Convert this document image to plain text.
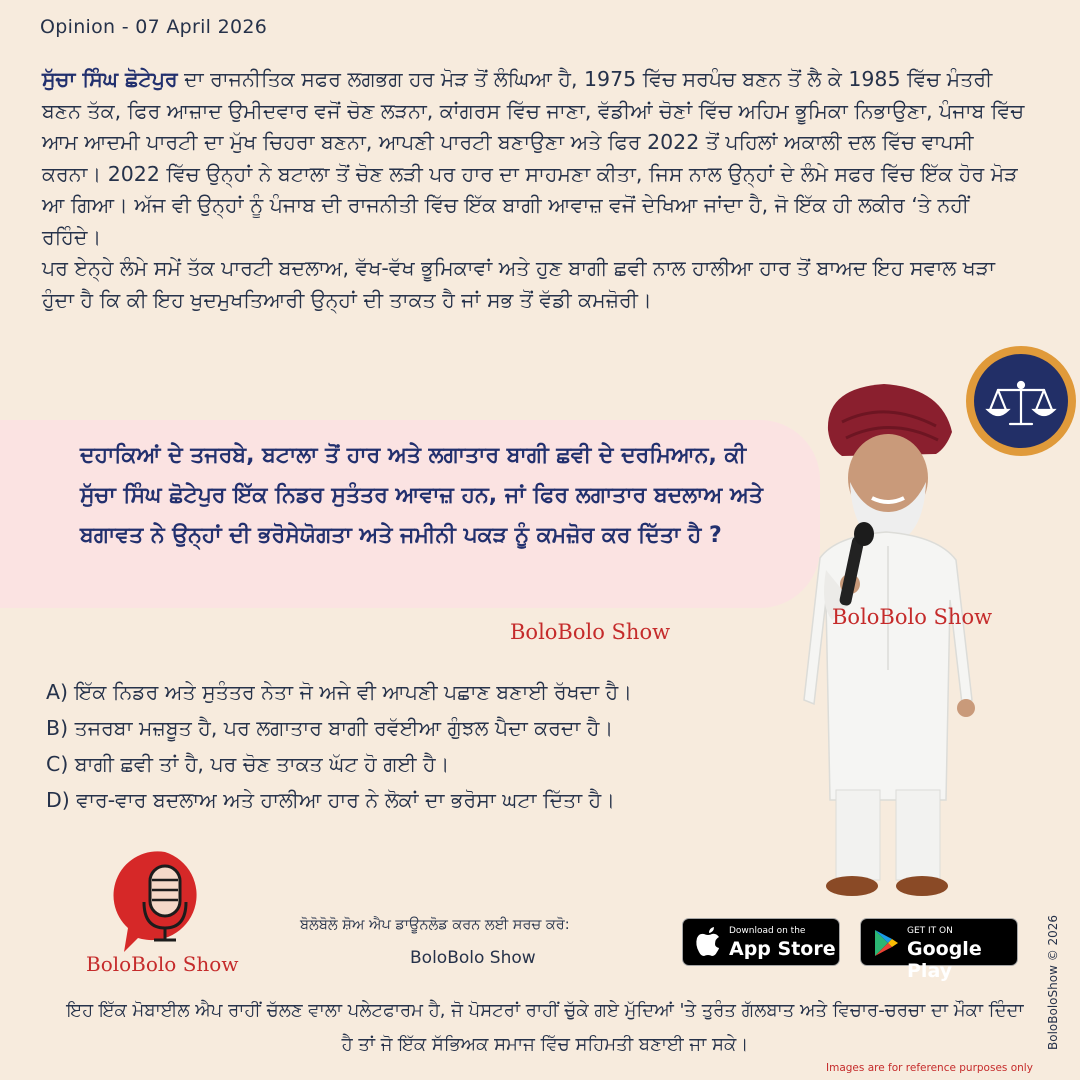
Opinion - 07 April 2026

ਸੁੱਚਾ ਸਿੰਘ ਛੋਟੇਪੁਰ ਦਾ ਰਾਜਨੀਤਿਕ ਸਫਰ ਲਗਭਗ ਹਰ ਮੋੜ ਤੋਂ ਲੰਘਿਆ ਹੈ, 1975 ਵਿੱਚ ਸਰਪੰਚ ਬਣਨ ਤੋਂ ਲੈ ਕੇ 1985 ਵਿੱਚ ਮੰਤਰੀ ਬਣਨ ਤੱਕ, ਫਿਰ ਆਜ਼ਾਦ ਉਮੀਦਵਾਰ ਵਜੋਂ ਚੋਣ ਲੜਨਾ, ਕਾਂਗਰਸ ਵਿੱਚ ਜਾਣਾ, ਵੱਡੀਆਂ ਚੋਣਾਂ ਵਿੱਚ ਅਹਿਮ ਭੂਮਿਕਾ ਨਿਭਾਉਣਾ, ਪੰਜਾਬ ਵਿੱਚ ਆਮ ਆਦਮੀ ਪਾਰਟੀ ਦਾ ਮੁੱਖ ਚਿਹਰਾ ਬਣਨਾ, ਆਪਣੀ ਪਾਰਟੀ ਬਣਾਉਣਾ ਅਤੇ ਫਿਰ 2022 ਤੋਂ ਪਹਿਲਾਂ ਅਕਾਲੀ ਦਲ ਵਿੱਚ ਵਾਪਸੀ ਕਰਨਾ। 2022 ਵਿੱਚ ਉਨ੍ਹਾਂ ਨੇ ਬਟਾਲਾ ਤੋਂ ਚੋਣ ਲੜੀ ਪਰ ਹਾਰ ਦਾ ਸਾਹਮਣਾ ਕੀਤਾ, ਜਿਸ ਨਾਲ ਉਨ੍ਹਾਂ ਦੇ ਲੰਮੇ ਸਫਰ ਵਿੱਚ ਇੱਕ ਹੋਰ ਮੋੜ ਆ ਗਿਆ। ਅੱਜ ਵੀ ਉਨ੍ਹਾਂ ਨੂੰ ਪੰਜਾਬ ਦੀ ਰਾਜਨੀਤੀ ਵਿੱਚ ਇੱਕ ਬਾਗੀ ਆਵਾਜ਼ ਵਜੋਂ ਦੇਖਿਆ ਜਾਂਦਾ ਹੈ, ਜੋ ਇੱਕ ਹੀ ਲਕੀਰ ‘ਤੇ ਨਹੀਂ ਰਹਿੰਦੇ।

ਪਰ ਏਨ੍ਹੇ ਲੰਮੇ ਸਮੇਂ ਤੱਕ ਪਾਰਟੀ ਬਦਲਾਅ, ਵੱਖ-ਵੱਖ ਭੂਮਿਕਾਵਾਂ ਅਤੇ ਹੁਣ ਬਾਗੀ ਛਵੀ ਨਾਲ ਹਾਲੀਆ ਹਾਰ ਤੋਂ ਬਾਅਦ ਇਹ ਸਵਾਲ ਖੜਾ ਹੁੰਦਾ ਹੈ ਕਿ ਕੀ ਇਹ ਖੁਦਮੁਖਤਿਆਰੀ ਉਨ੍ਹਾਂ ਦੀ ਤਾਕਤ ਹੈ ਜਾਂ ਸਭ ਤੋਂ ਵੱਡੀ ਕਮਜ਼ੋਰੀ।

ਦਹਾਕਿਆਂ ਦੇ ਤਜਰਬੇ, ਬਟਾਲਾ ਤੋਂ ਹਾਰ ਅਤੇ ਲਗਾਤਾਰ ਬਾਗੀ ਛਵੀ ਦੇ ਦਰਮਿਆਨ, ਕੀ ਸੁੱਚਾ ਸਿੰਘ ਛੋਟੇਪੁਰ ਇੱਕ ਨਿਡਰ ਸੁਤੰਤਰ ਆਵਾਜ਼ ਹਨ, ਜਾਂ ਫਿਰ ਲਗਾਤਾਰ ਬਦਲਾਅ ਅਤੇ ਬਗਾਵਤ ਨੇ ਉਨ੍ਹਾਂ ਦੀ ਭਰੋਸੇਯੋਗਤਾ ਅਤੇ ਜਮੀਨੀ ਪਕੜ ਨੂੰ ਕਮਜ਼ੋਰ ਕਰ ਦਿੱਤਾ ਹੈ ?
BoloBolo Show
BoloBolo Show
A) ਇੱਕ ਨਿਡਰ ਅਤੇ ਸੁਤੰਤਰ ਨੇਤਾ ਜੋ ਅਜੇ ਵੀ ਆਪਣੀ ਪਛਾਣ ਬਣਾਈ ਰੱਖਦਾ ਹੈ।
B) ਤਜਰਬਾ ਮਜ਼ਬੂਤ ਹੈ, ਪਰ ਲਗਾਤਾਰ ਬਾਗੀ ਰਵੱਈਆ ਗੁੰਝਲ ਪੈਦਾ ਕਰਦਾ ਹੈ।
C) ਬਾਗੀ ਛਵੀ ਤਾਂ ਹੈ, ਪਰ ਚੋਣ ਤਾਕਤ ਘੱਟ ਹੋ ਗਈ ਹੈ।
D) ਵਾਰ-ਵਾਰ ਬਦਲਾਅ ਅਤੇ ਹਾਲੀਆ ਹਾਰ ਨੇ ਲੋਕਾਂ ਦਾ ਭਰੋਸਾ ਘਟਾ ਦਿੱਤਾ ਹੈ।
BoloBolo Show
ਬੋਲੋਬੋਲੋ ਸ਼ੋਅ ਐਪ ਡਾਊਨਲੋਡ ਕਰਨ ਲਈ ਸਰਚ ਕਰੋ:
BoloBolo Show
Download on the
App Store
GET IT ON
Google Play
ਇਹ ਇੱਕ ਮੋਬਾਈਲ ਐਪ ਰਾਹੀਂ ਚੱਲਣ ਵਾਲਾ ਪਲੇਟਫਾਰਮ ਹੈ, ਜੋ ਪੋਸਟਰਾਂ ਰਾਹੀਂ ਚੁੱਕੇ ਗਏ ਮੁੱਦਿਆਂ 'ਤੇ ਤੁਰੰਤ ਗੱਲਬਾਤ ਅਤੇ ਵਿਚਾਰ-ਚਰਚਾ ਦਾ ਮੌਕਾ ਦਿੰਦਾ ਹੈ ਤਾਂ ਜੋ ਇੱਕ ਸੱਭਿਅਕ ਸਮਾਜ ਵਿੱਚ ਸਹਿਮਤੀ ਬਣਾਈ ਜਾ ਸਕੇ।	BoloBoloShow © 2026
Images are for reference purposes only
